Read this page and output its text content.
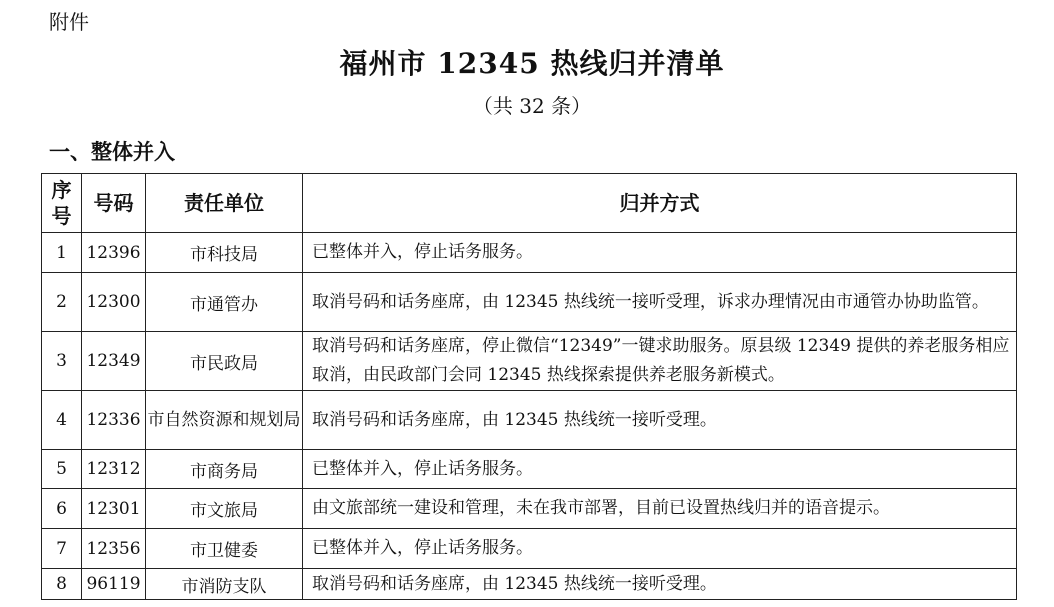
附件
福州市 12345 热线归并清单
（共 32 条）
一、整体并入
序号	号码	责任单位	归并方式
1	12396	市科技局	已整体并入，停止话务服务。
2	12300	市通管办	取消号码和话务座席，由 12345 热线统一接听受理，诉求办理情况由市通管办协助监管。
3	12349	市民政局	取消号码和话务座席，停止微信“12349”一键求助服务。原县级 12349 提供的养老服务相应取消，由民政部门会同 12345 热线探索提供养老服务新模式。
4	12336	市自然资源和规划局	取消号码和话务座席，由 12345 热线统一接听受理。
5	12312	市商务局	已整体并入，停止话务服务。
6	12301	市文旅局	由文旅部统一建设和管理，未在我市部署，目前已设置热线归并的语音提示。
7	12356	市卫健委	已整体并入，停止话务服务。
8	96119	市消防支队	取消号码和话务座席，由 12345 热线统一接听受理。
